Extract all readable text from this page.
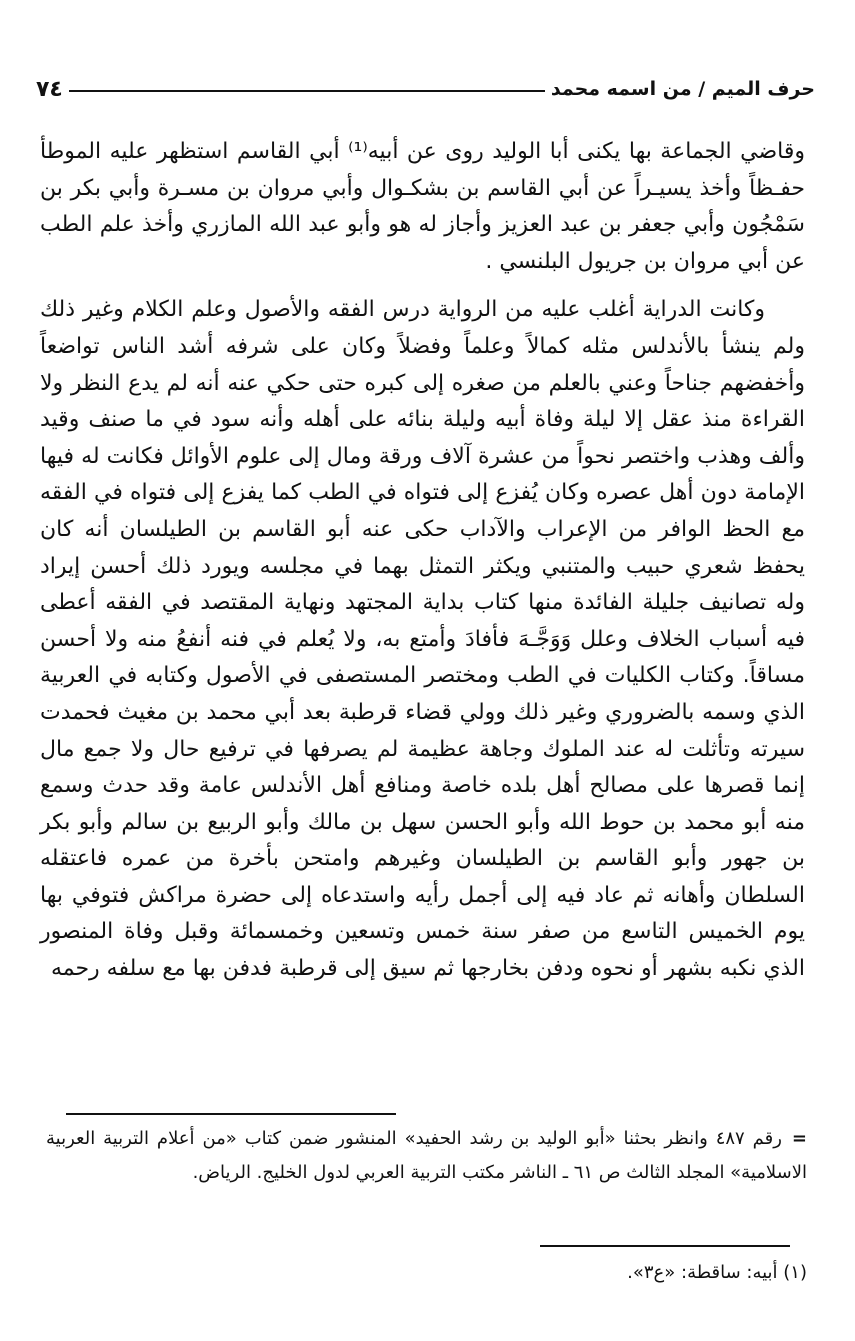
حرف الميم / من اسمه محمد
٧٤

وقاضي الجماعة بها يكنى أبا الوليد روى عن أبيه⁽¹⁾ أبي القاسم استظهر عليه الموطأ حفـظاً وأخذ يسيـراً عن أبي القاسم بن بشكـوال وأبي مروان بن مسـرة وأبي بكر بن سَمْجُون وأبي جعفر بن عبد العزيز وأجاز له هو وأبو عبد الله المازري وأخذ علم الطب عن أبي مروان بن جريول البلنسي .

وكانت الدراية أغلب عليه من الرواية درس الفقه والأصول وعلم الكلام وغير ذلك ولم ينشأ بالأندلس مثله كمالاً وعلماً وفضلاً وكان على شرفه أشد الناس تواضعاً وأخفضهم جناحاً وعني بالعلم من صغره إلى كبره حتى حكي عنه أنه لم يدع النظر ولا القراءة منذ عقل إلا ليلة وفاة أبيه وليلة بنائه على أهله وأنه سود في ما صنف وقيد وألف وهذب واختصر نحواً من عشرة آلاف ورقة ومال إلى علوم الأوائل فكانت له فيها الإمامة دون أهل عصره وكان يُفزع إلى فتواه في الطب كما يفزع إلى فتواه في الفقه مع الحظ الوافر من الإعراب والآداب حكى عنه أبو القاسم بن الطيلسان أنه كان يحفظ شعري حبيب والمتنبي ويكثر التمثل بهما في مجلسه ويورد ذلك أحسن إيراد وله تصانيف جليلة الفائدة منها كتاب بداية المجتهد ونهاية المقتصد في الفقه أعطى فيه أسباب الخلاف وعلل وَوَجَّـهَ فأفادَ وأمتع به، ولا يُعلم في فنه أنفعُ منه ولا أحسن مساقاً. وكتاب الكليات في الطب ومختصر المستصفى في الأصول وكتابه في العربية الذي وسمه بالضروري وغير ذلك وولي قضاء قرطبة بعد أبي محمد بن مغيث فحمدت سيرته وتأثلت له عند الملوك وجاهة عظيمة لم يصرفها في ترفيع حال ولا جمع مال إنما قصرها على مصالح أهل بلده خاصة ومنافع أهل الأندلس عامة وقد حدث وسمع منه أبو محمد بن حوط الله وأبو الحسن سهل بن مالك وأبو الربيع بن سالم وأبو بكر بن جهور وأبو القاسم بن الطيلسان وغيرهم وامتحن بأخرة من عمره فاعتقله السلطان وأهانه ثم عاد فيه إلى أجمل رأيه واستدعاه إلى حضرة مراكش فتوفي بها يوم الخميس التاسع من صفر سنة خمس وتسعين وخمسمائة وقبل وفاة المنصور الذي نكبه بشهر أو نحوه ودفن بخارجها ثم سيق إلى قرطبة فدفن بها مع سلفه رحمه

=رقم ٤٨٧ وانظر بحثنا «أبو الوليد بن رشد الحفيد» المنشور ضمن كتاب «من أعلام التربية العربية الاسلامية» المجلد الثالث ص ٦١ ـ الناشر مكتب التربية العربي لدول الخليج. الرياض.
(١) أبيه: ساقطة: «ع٣».
